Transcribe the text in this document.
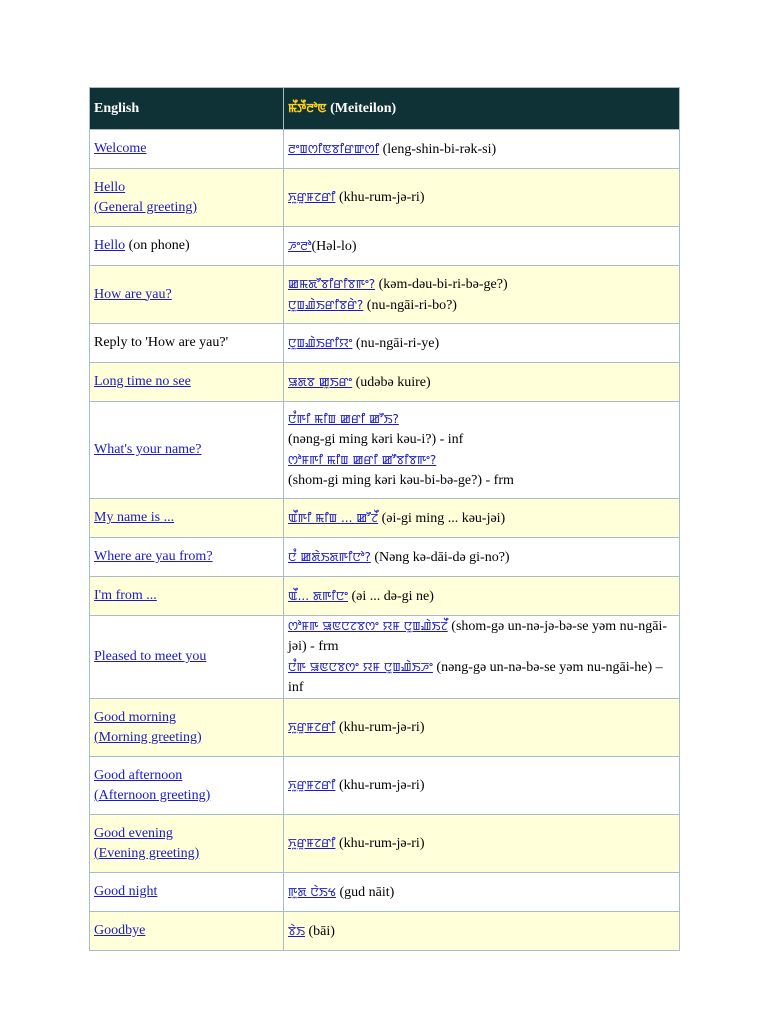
English	ꯃꯩꯇꯩꯂꯣꯟ (Meiteilon)

Welcome	ꯂꯦꯡꯁꯤꯟꯕꯤꯔꯛꯁꯤ (leng-shin-bi-rək-si)

Hello
(General greeting)	ꯈꯨꯔꯨꯝꯖꯔꯤ (khu-rum-jə-ri)

Hello (on phone)	ꯍꯦꯂꯣ(Həl-lo)

How are yau?	ꯀꯃꯗꯧꯕꯤꯔꯤꯕꯒꯦ? (kəm-dəu-bi-ri-bə-ge?)
ꯅꯨꯡꯉꯥꯏꯔꯤꯕꯔꯥ? (nu-ngāi-ri-bo?)

Reply to 'How are yau?'	ꯅꯨꯡꯉꯥꯏꯔꯤꯌꯦ (nu-ngāi-ri-ye)

Long time no see	ꯎꯗꯕ ꯀꯨꯏꯔꯦ (udəbə kuire)

What's your name?	ꯅꯪꯒꯤ ꯃꯤꯡ ꯀꯔꯤ ꯀꯧꯏ?
(nəng-gi ming kəri kəu-i?) - inf
ꯁꯣꯝꯒꯤ ꯃꯤꯡ ꯀꯔꯤ ꯀꯧꯕꯤꯕꯒꯦ?
(shom-gi ming kəri kəu-bi-bə-ge?) - frm

My name is ...	ꯑꯩꯒꯤ ꯃꯤꯡ ... ꯀꯧꯖꯩ (əi-gi ming ... kəu-jəi)

Where are yau from?	ꯅꯪ ꯀꯗꯥꯏꯗꯒꯤꯅꯣ? (Nəng kə-dāi-də gi-no?)

I'm from ...	ꯑꯩ... ꯗꯒꯤꯅꯦ (əi ... də-gi ne)

Pleased to meet you	ꯁꯣꯝꯒ ꯎꯟꯅꯖꯕꯁꯦ ꯌꯝ ꯅꯨꯡꯉꯥꯏꯖꯩ (shom-gə un-nə-jə-bə-se yəm nu-ngāi-jəi) - frm
ꯅꯪꯒ ꯎꯟꯅꯕꯁꯦ ꯌꯝ ꯅꯨꯡꯉꯥꯏꯍꯦ (nəng-gə un-nə-bə-se yəm nu-ngāi-he) – inf

Good morning
(Morning greeting)	ꯈꯨꯔꯨꯝꯖꯔꯤ (khu-rum-jə-ri)

Good afternoon
(Afternoon greeting)	ꯈꯨꯔꯨꯝꯖꯔꯤ (khu-rum-jə-ri)

Good evening
(Evening greeting)	ꯈꯨꯔꯨꯝꯖꯔꯤ (khu-rum-jə-ri)

Good night	ꯒꯨꯗ ꯅꯥꯏꯠ (gud nāit)

Goodbye	ꯕꯥꯏ (bāi)
